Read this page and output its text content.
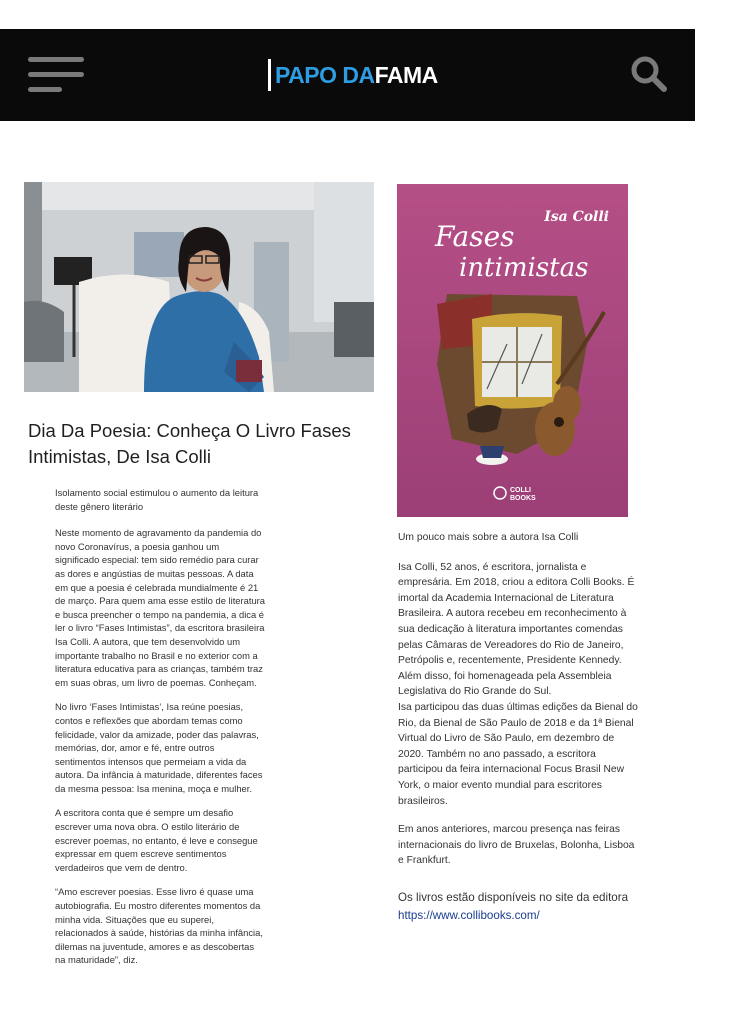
PAPO DAFAMA
Dia Da Poesia: Conheça O Livro Fases Intimistas, De Isa Colli

Isolamento social estimulou o aumento da leitura deste gênero literário

Neste momento de agravamento da pandemia do novo Coronavírus, a poesia ganhou um significado especial: tem sido remédio para curar as dores e angústias de muitas pessoas. A data em que a poesia é celebrada mundialmente é 21 de março. Para quem ama esse estilo de literatura e busca preencher o tempo na pandemia, a dica é ler o livro “Fases Intimistas”, da escritora brasileira Isa Colli. A autora, que tem desenvolvido um importante trabalho no Brasil e no exterior com a literatura educativa para as crianças, também traz em suas obras, um livro de poemas. Conheçam.

No livro ‘Fases Intimistas’, Isa reúne poesias, contos e reflexões que abordam temas como felicidade, valor da amizade, poder das palavras, memórias, dor, amor e fé, entre outros sentimentos intensos que permeiam a vida da autora. Da infância à maturidade, diferentes faces da mesma pessoa: Isa menina, moça e mulher.

A escritora conta que é sempre um desafio escrever uma nova obra. O estilo literário de escrever poemas, no entanto, é leve e consegue expressar em quem escreve sentimentos verdadeiros que vem de dentro.

“Amo escrever poesias. Esse livro é quase uma autobiografia. Eu mostro diferentes momentos da minha vida. Situações que eu superei, relacionados à saúde, histórias da minha infância, dilemas na juventude, amores e as descobertas na maturidade”, diz.

Isa Colli
Fases
intimistas
COLLI
BOOKS

Um pouco mais sobre a autora Isa Colli

Isa Colli, 52 anos, é escritora, jornalista e empresária. Em 2018, criou a editora Colli Books. É imortal da Academia Internacional de Literatura Brasileira. A autora recebeu em reconhecimento à sua dedicação à literatura importantes comendas pelas Câmaras de Vereadores do Rio de Janeiro, Petrópolis e, recentemente, Presidente Kennedy. Além disso, foi homenageada pela Assembleia Legislativa do Rio Grande do Sul.

Isa participou das duas últimas edições da Bienal do Rio, da Bienal de São Paulo de 2018 e da 1ª Bienal Virtual do Livro de São Paulo, em dezembro de 2020. Também no ano passado, a escritora participou da feira internacional Focus Brasil New York, o maior evento mundial para escritores brasileiros.

Em anos anteriores, marcou presença nas feiras internacionais do livro de Bruxelas, Bolonha, Lisboa e Frankfurt.

Os livros estão disponíveis no site da editora https://www.collibooks.com/
